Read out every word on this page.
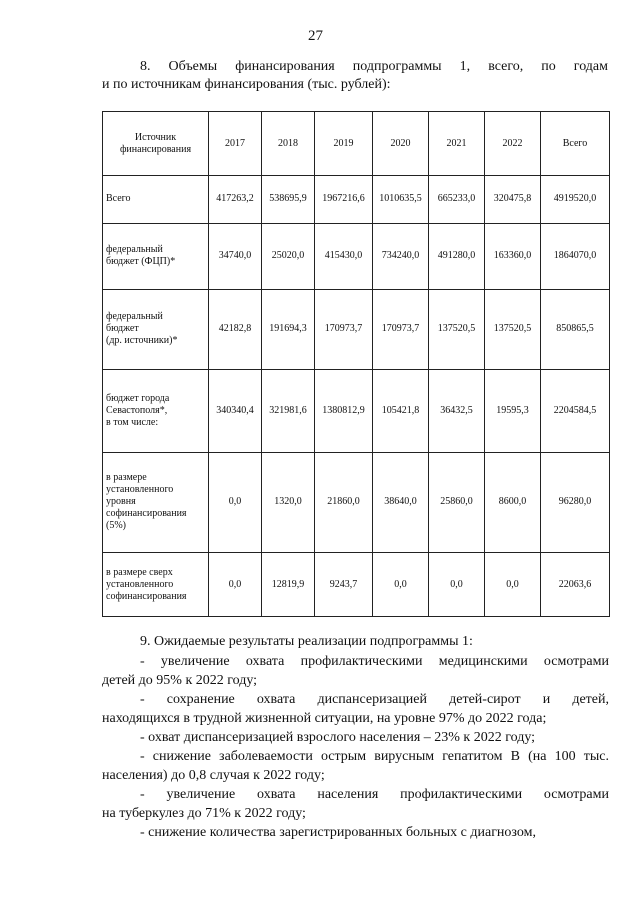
27
8. Объемы финансирования подпрограммы 1, всего, по годам
и по источникам финансирования (тыс. рублей):
Источник финансирования	2017	2018	2019	2020	2021	2022	Всего
Всего	417263,2	538695,9	1967216,6	1010635,5	665233,0	320475,8	4919520,0
федеральный
бюджет (ФЦП)*	34740,0	25020,0	415430,0	734240,0	491280,0	163360,0	1864070,0
федеральный
бюджет
(др. источники)*	42182,8	191694,3	170973,7	170973,7	137520,5	137520,5	850865,5
бюджет города
Севастополя*,
в том числе:	340340,4	321981,6	1380812,9	105421,8	36432,5	19595,3	2204584,5
в размере
установленного
уровня
софинансирования
(5%)	0,0	1320,0	21860,0	38640,0	25860,0	8600,0	96280,0
в размере сверх
установленного
софинансирования	0,0	12819,9	9243,7	0,0	0,0	0,0	22063,6

9. Ожидаемые результаты реализации подпрограммы 1:

- увеличение охвата профилактическими медицинскими осмотрами

детей до 95% к 2022 году;

- сохранение охвата диспансеризацией детей-сирот и детей,

находящихся в трудной жизненной ситуации, на уровне 97% до 2022 года;

- охват диспансеризацией взрослого населения – 23% к 2022 году;

- снижение заболеваемости острым вирусным гепатитом В (на 100 тыс.

населения) до 0,8 случая к 2022 году;

- увеличение охвата населения профилактическими осмотрами

на туберкулез до 71% к 2022 году;

- снижение количества зарегистрированных больных с диагнозом,
